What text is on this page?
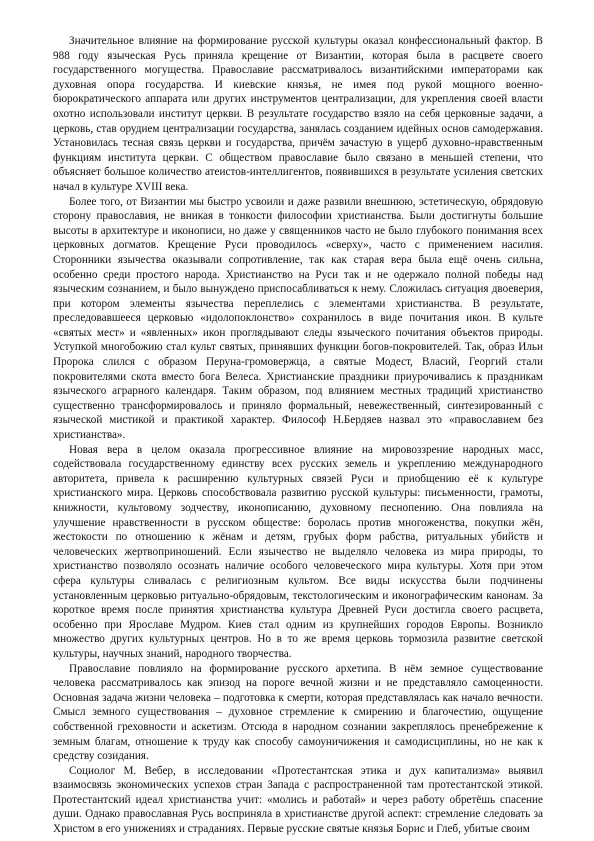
Значительное влияние на формирование русской культуры оказал конфессиональный фактор. В 988 году языческая Русь приняла крещение от Византии, которая была в расцвете своего государственного могущества. Православие рассматривалось византийскими императорами как духовная опора государства. И киевские князья, не имея под рукой мощного военно-бюрократического аппарата или других инструментов централизации, для укрепления своей власти охотно использовали институт церкви. В результате государство взяло на себя церковные задачи, а церковь, став орудием централизации государства, занялась созданием идейных основ самодержавия. Установилась тесная связь церкви и государства, причём зачастую в ущерб духовно-нравственным функциям института церкви. С обществом православие было связано в меньшей степени, что объясняет большое количество атеистов-интеллигентов, появившихся в результате усиления светских начал в культуре XVIII века.

Более того, от Византии мы быстро усвоили и даже развили внешнюю, эстетическую, обрядовую сторону православия, не вникая в тонкости философии христианства. Были достигнуты большие высоты в архитектуре и иконописи, но даже у священников часто не было глубокого понимания всех церковных догматов. Крещение Руси проводилось «сверху», часто с применением насилия. Сторонники язычества оказывали сопротивление, так как старая вера была ещё очень сильна, особенно среди простого народа. Христианство на Руси так и не одержало полной победы над языческим сознанием, и было вынуждено приспосабливаться к нему. Сложилась ситуация двоеверия, при котором элементы язычества переплелись с элементами христианства. В результате, преследовавшееся церковью «идолопоклонство» сохранилось в виде почитания икон. В культе «святых мест» и «явленных» икон проглядывают следы языческого почитания объектов природы. Уступкой многобожию стал культ святых, принявших функции богов-покровителей. Так, образ Ильи Пророка слился с образом Перуна-громовержца, а святые Модест, Власий, Георгий стали покровителями скота вместо бога Велеса. Христианские праздники приурочивались к праздникам языческого аграрного календаря. Таким образом, под влиянием местных традиций христианство существенно трансформировалось и приняло формальный, невежественный, синтезированный с языческой мистикой и практикой характер. Философ Н.Бердяев назвал это «православием без христианства».

Новая вера в целом оказала прогрессивное влияние на мировоззрение народных масс, содействовала государственному единству всех русских земель и укреплению международного авторитета, привела к расширению культурных связей Руси и приобщению её к культуре христианского мира. Церковь способствовала развитию русской культуры: письменности, грамоты, книжности, культовому зодчеству, иконописанию, духовному песнопению. Она повлияла на улучшение нравственности в русском обществе: боролась против многоженства, покупки жён, жестокости по отношению к жёнам и детям, грубых форм рабства, ритуальных убийств и человеческих жертвоприношений. Если язычество не выделяло человека из мира природы, то христианство позволяло осознать наличие особого человеческого мира культуры. Хотя при этом сфера культуры сливалась с религиозным культом. Все виды искусства были подчинены установленным церковью ритуально-обрядовым, текстологическим и иконографическим канонам. За короткое время после принятия христианства культура Древней Руси достигла своего расцвета, особенно при Ярославе Мудром. Киев стал одним из крупнейших городов Европы. Возникло множество других культурных центров. Но в то же время церковь тормозила развитие светской культуры, научных знаний, народного творчества.

Православие повлияло на формирование русского архетипа. В нём земное существование человека рассматривалось как эпизод на пороге вечной жизни и не представляло самоценности. Основная задача жизни человека – подготовка к смерти, которая представлялась как начало вечности. Смысл земного существования – духовное стремление к смирению и благочестию, ощущение собственной греховности и аскетизм. Отсюда в народном сознании закреплялось пренебрежение к земным благам, отношение к труду как способу самоуничижения и самодисциплины, но не как к средству созидания.

Социолог М. Вебер, в исследовании «Протестантская этика и дух капитализма» выявил взаимосвязь экономических успехов стран Запада с распространенной там протестантской этикой. Протестантский идеал христианства учит: «молись и работай» и через работу обретёшь спасение души. Однако православная Русь восприняла в христианстве другой аспект: стремление следовать за Христом в его унижениях и страданиях. Первые русские святые князья Борис и Глеб, убитые своим
